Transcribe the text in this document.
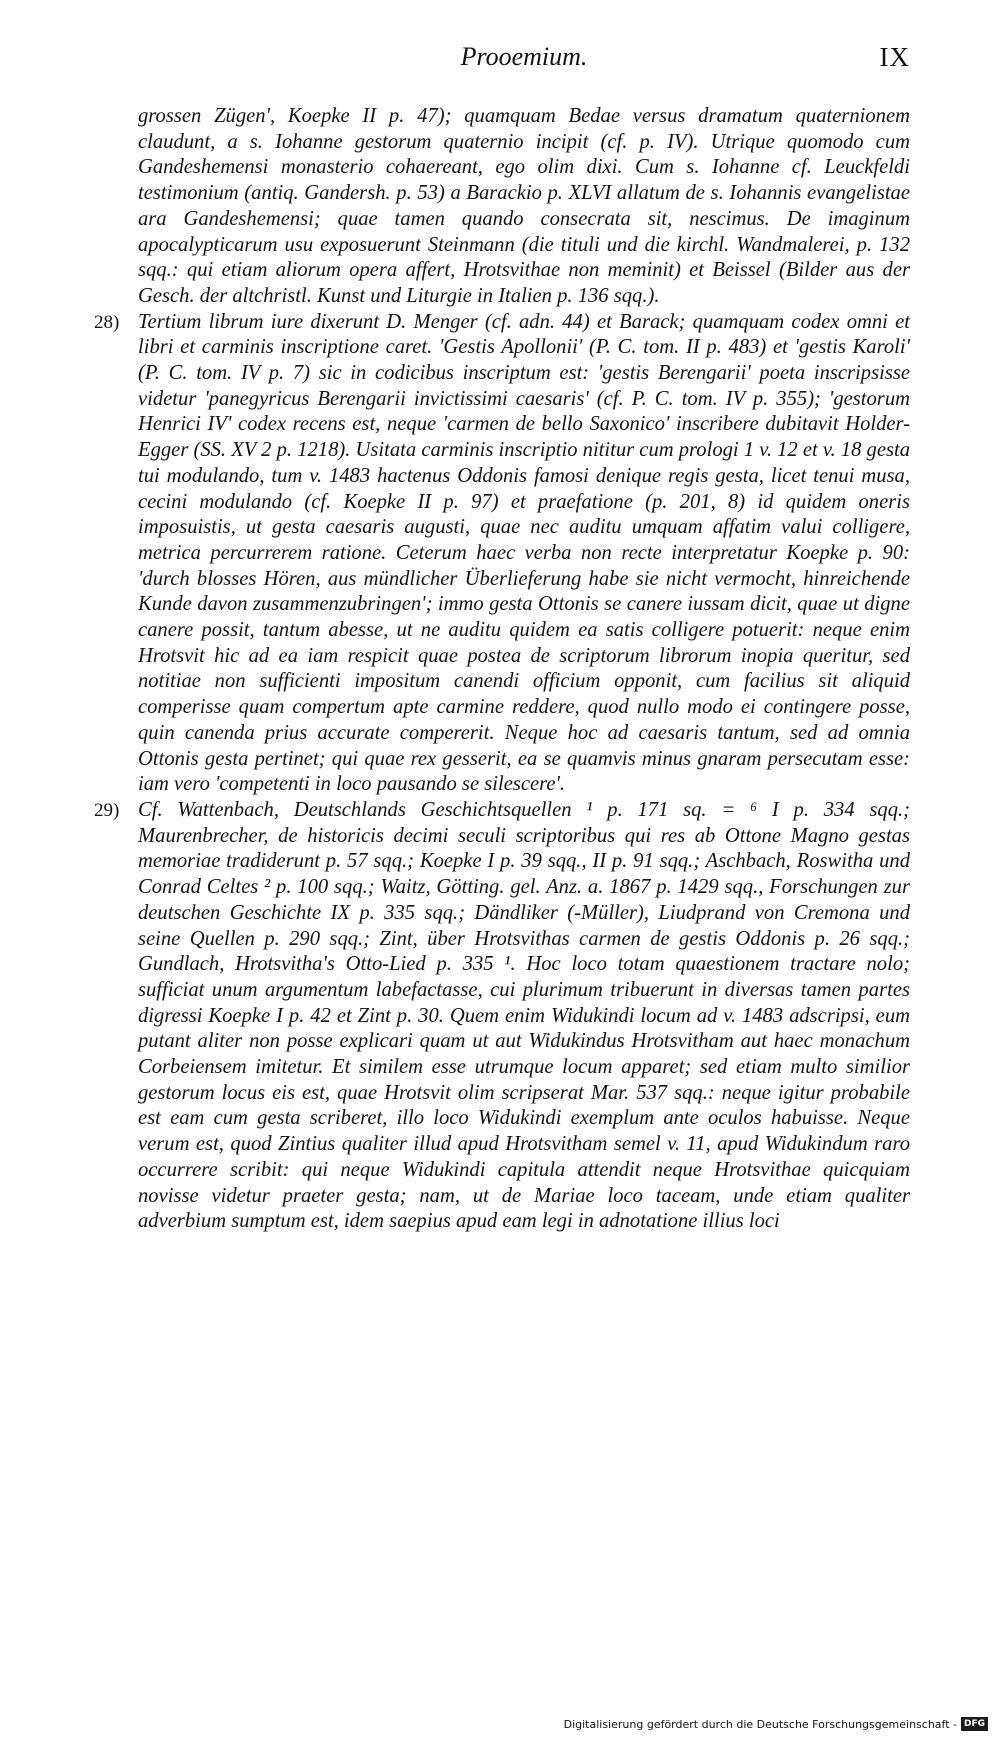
Prooemium.	IX

grossen Zügen', Koepke II p. 47); quamquam Bedae versus dramatum quaternionem claudunt, a s. Iohanne gestorum quaternio incipit (cf. p. IV). Utrique quomodo cum Gandeshemensi monasterio cohaereant, ego olim dixi. Cum s. Iohanne cf. Leuckfeldi testimonium (antiq. Gandersh. p. 53) a Barackio p. XLVI allatum de s. Iohannis evangelistae ara Gandeshemensi; quae tamen quando consecrata sit, nescimus. De imaginum apocalypticarum usu exposuerunt Steinmann (die tituli und die kirchl. Wandmalerei, p. 132 sqq.: qui etiam aliorum opera affert, Hrotsvithae non meminit) et Beissel (Bilder aus der Gesch. der altchristl. Kunst und Liturgie in Italien p. 136 sqq.).

28) Tertium librum iure dixerunt D. Menger (cf. adn. 44) et Barack; quamquam codex omni et libri et carminis inscriptione caret. 'Gestis Apollonii' (P. C. tom. II p. 483) et 'gestis Karoli' (P. C. tom. IV p. 7) sic in codicibus inscriptum est: 'gestis Berengarii' poeta inscripsisse videtur 'panegyricus Berengarii invictissimi caesaris' (cf. P. C. tom. IV p. 355); 'gestorum Henrici IV' codex recens est, neque 'carmen de bello Saxonico' inscribere dubitavit Holder-Egger (SS. XV 2 p. 1218). Usitata carminis inscriptio nititur cum prologi 1 v. 12 et v. 18 gesta tui modulando, tum v. 1483 hactenus Oddonis famosi denique regis gesta, licet tenui musa, cecini modulando (cf. Koepke II p. 97) et praefatione (p. 201, 8) id quidem oneris imposuistis, ut gesta caesaris augusti, quae nec auditu umquam affatim valui colligere, metrica percurrerem ratione. Ceterum haec verba non recte interpretatur Koepke p. 90: 'durch blosses Hören, aus mündlicher Überlieferung habe sie nicht vermocht, hinreichende Kunde davon zusammenzubringen'; immo gesta Ottonis se canere iussam dicit, quae ut digne canere possit, tantum abesse, ut ne auditu quidem ea satis colligere potuerit: neque enim Hrotsvit hic ad ea iam respicit quae postea de scriptorum librorum inopia queritur, sed notitiae non sufficienti impositum canendi officium opponit, cum facilius sit aliquid comperisse quam compertum apte carmine reddere, quod nullo modo ei contingere posse, quin canenda prius accurate compererit. Neque hoc ad caesaris tantum, sed ad omnia Ottonis gesta pertinet; qui quae rex gesserit, ea se quamvis minus gnaram persecutam esse: iam vero 'competenti in loco pausando se silescere'.

29) Cf. Wattenbach, Deutschlands Geschichtsquellen ¹ p. 171 sq. = ⁶ I p. 334 sqq.; Maurenbrecher, de historicis decimi seculi scriptoribus qui res ab Ottone Magno gestas memoriae tradiderunt p. 57 sqq.; Koepke I p. 39 sqq., II p. 91 sqq.; Aschbach, Roswitha und Conrad Celtes ² p. 100 sqq.; Waitz, Götting. gel. Anz. a. 1867 p. 1429 sqq., Forschungen zur deutschen Geschichte IX p. 335 sqq.; Dändliker (-Müller), Liudprand von Cremona und seine Quellen p. 290 sqq.; Zint, über Hrotsvithas carmen de gestis Oddonis p. 26 sqq.; Gundlach, Hrotsvitha's Otto-Lied p. 335 ¹. Hoc loco totam quaestionem tractare nolo; sufficiat unum argumentum labefactasse, cui plurimum tribuerunt in diversas tamen partes digressi Koepke I p. 42 et Zint p. 30. Quem enim Widukindi locum ad v. 1483 adscripsi, eum putant aliter non posse explicari quam ut aut Widukindus Hrotsvitham aut haec monachum Corbeiensem imitetur. Et similem esse utrumque locum apparet; sed etiam multo similior gestorum locus eis est, quae Hrotsvit olim scripserat Mar. 537 sqq.: neque igitur probabile est eam cum gesta scriberet, illo loco Widukindi exemplum ante oculos habuisse. Neque verum est, quod Zintius qualiter illud apud Hrotsvitham semel v. 11, apud Widukindum raro occurrere scribit: qui neque Widukindi capitula attendit neque Hrotsvithae quicquiam novisse videtur praeter gesta; nam, ut de Mariae loco taceam, unde etiam qualiter adverbium sumptum est, idem saepius apud eam legi in adnotatione illius loci

Digitalisierung gefördert durch die Deutsche Forschungsgemeinschaft - DFG
